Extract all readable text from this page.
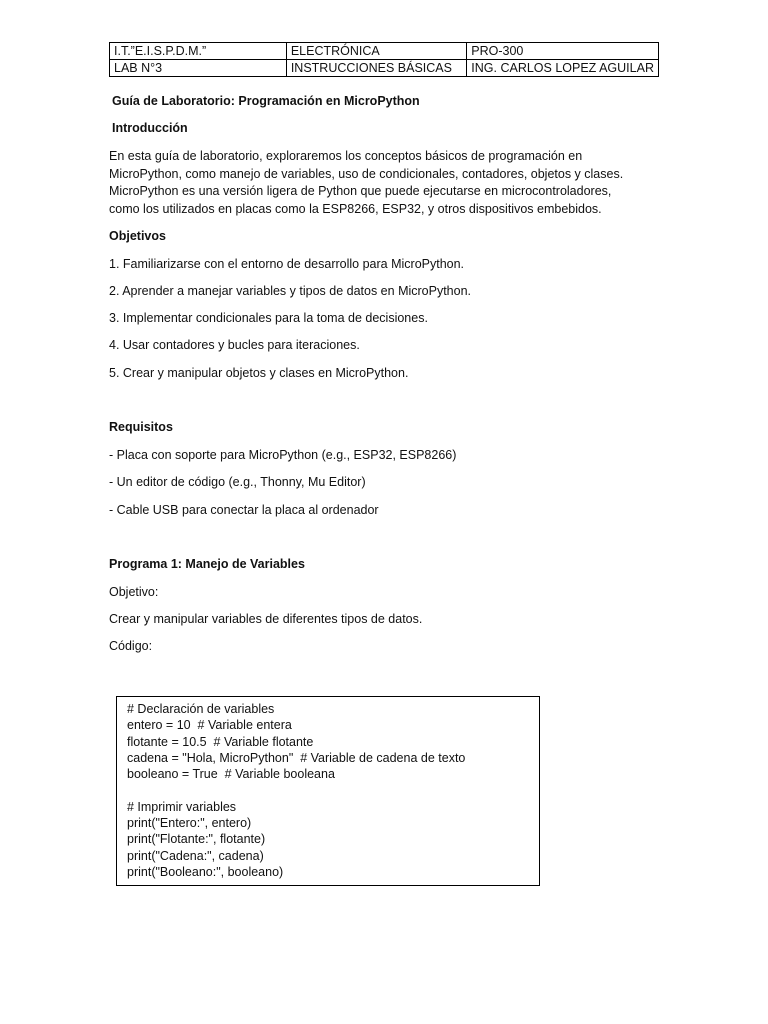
I.T.”E.I.S.P.D.M.”	ELECTRÓNICA	PRO-300
LAB N°3	INSTRUCCIONES BÁSICAS	ING. CARLOS LOPEZ AGUILAR
Guía de Laboratorio: Programación en MicroPython
Introducción
En esta guía de laboratorio, exploraremos los conceptos básicos de programación en
MicroPython, como manejo de variables, uso de condicionales, contadores, objetos y clases.
MicroPython es una versión ligera de Python que puede ejecutarse en microcontroladores,
como los utilizados en placas como la ESP8266, ESP32, y otros dispositivos embebidos.
Objetivos
1. Familiarizarse con el entorno de desarrollo para MicroPython.
2. Aprender a manejar variables y tipos de datos en MicroPython.
3. Implementar condicionales para la toma de decisiones.
4. Usar contadores y bucles para iteraciones.
5. Crear y manipular objetos y clases en MicroPython.
Requisitos
- Placa con soporte para MicroPython (e.g., ESP32, ESP8266)
- Un editor de código (e.g., Thonny, Mu Editor)
- Cable USB para conectar la placa al ordenador
Programa 1: Manejo de Variables
Objetivo:
Crear y manipular variables de diferentes tipos de datos.
Código:
# Declaración de variables
entero = 10  # Variable entera
flotante = 10.5  # Variable flotante
cadena = "Hola, MicroPython"  # Variable de cadena de texto
booleano = True  # Variable booleana
# Imprimir variables
print("Entero:", entero)
print("Flotante:", flotante)
print("Cadena:", cadena)
print("Booleano:", booleano)
